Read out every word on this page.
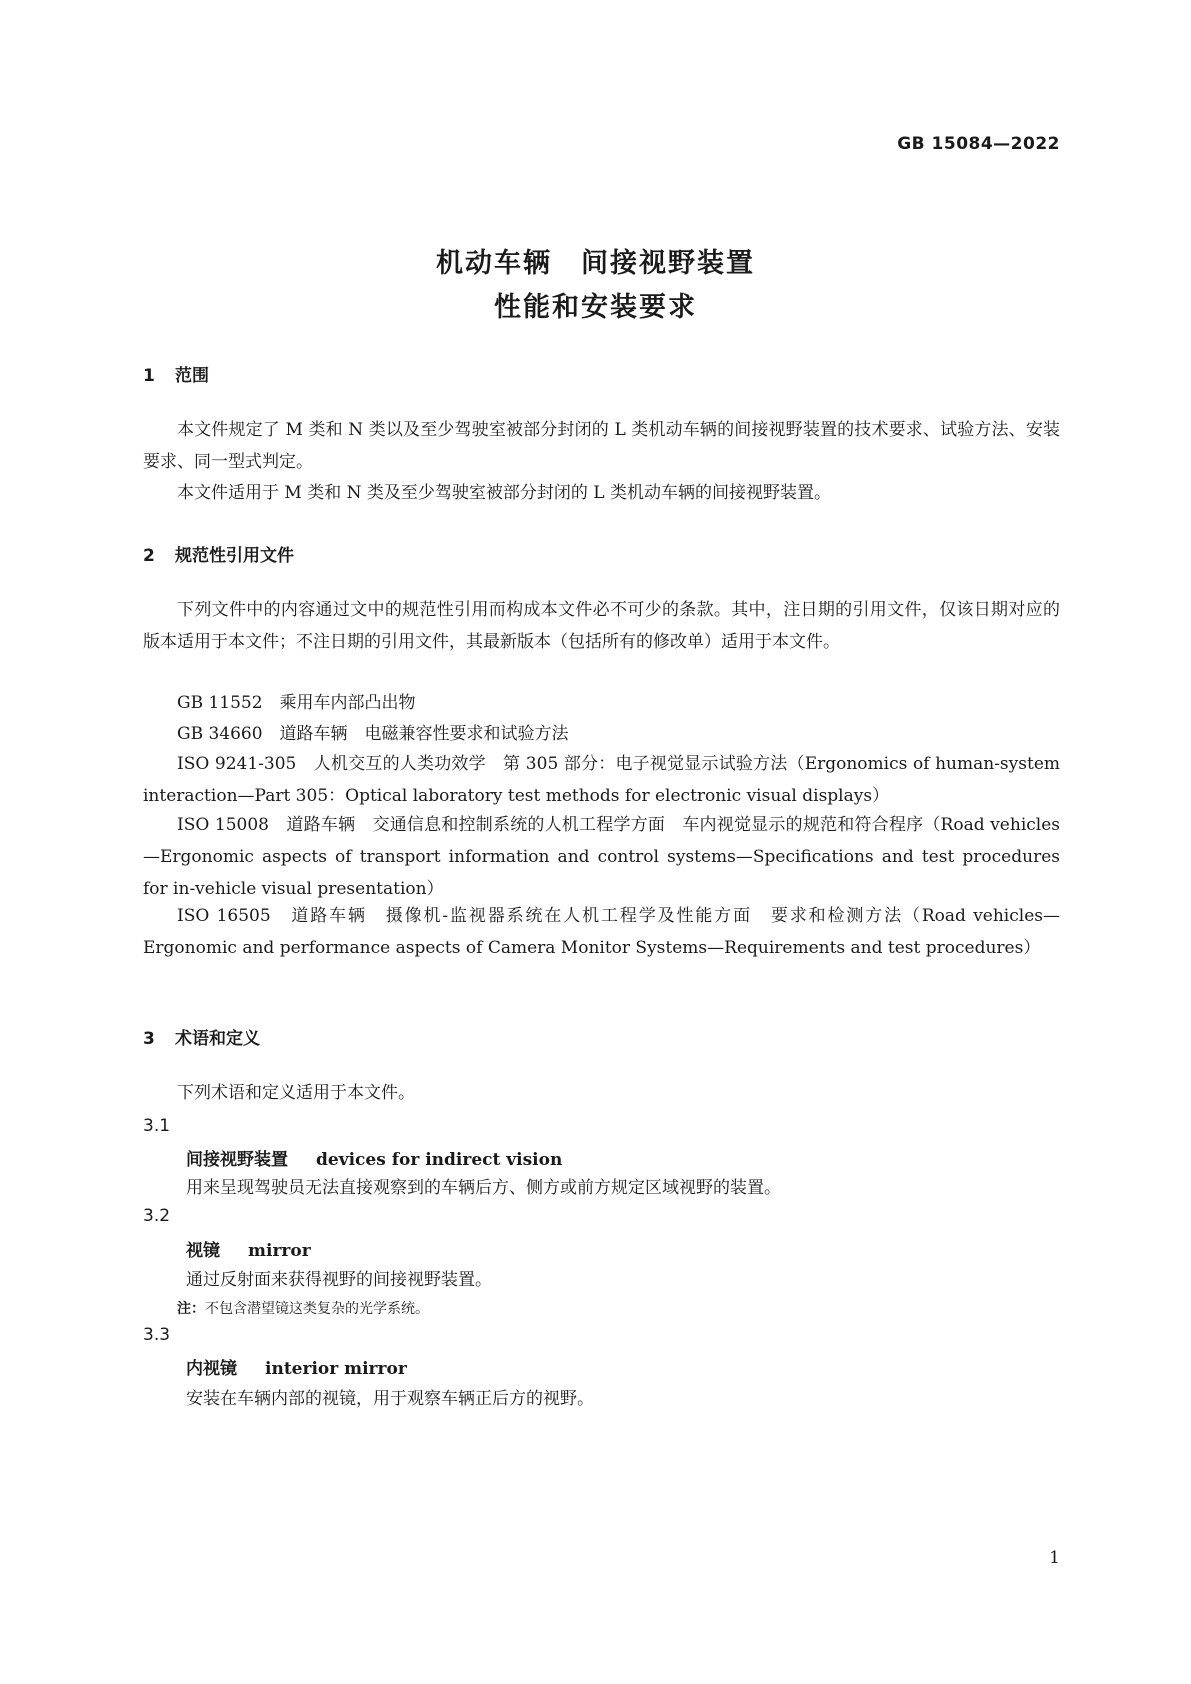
GB 15084—2022
机动车辆　间接视野装置
性能和安装要求
1 范围
本文件规定了 M 类和 N 类以及至少驾驶室被部分封闭的 L 类机动车辆的间接视野装置的技术要求、试验方法、安装要求、同一型式判定。
本文件适用于 M 类和 N 类及至少驾驶室被部分封闭的 L 类机动车辆的间接视野装置。
2 规范性引用文件
下列文件中的内容通过文中的规范性引用而构成本文件必不可少的条款。其中，注日期的引用文件，仅该日期对应的版本适用于本文件；不注日期的引用文件，其最新版本（包括所有的修改单）适用于本文件。
GB 11552　乘用车内部凸出物
GB 34660　道路车辆　电磁兼容性要求和试验方法
ISO 9241-305　人机交互的人类功效学　第 305 部分：电子视觉显示试验方法（Ergonomics of human-system interaction—Part 305：Optical laboratory test methods for electronic visual displays）
ISO 15008　道路车辆　交通信息和控制系统的人机工程学方面　车内视觉显示的规范和符合程序（Road vehicles—Ergonomic aspects of transport information and control systems—Specifications and test procedures for in-vehicle visual presentation）
ISO 16505　道路车辆　摄像机-监视器系统在人机工程学及性能方面　要求和检测方法（Road vehicles—Ergonomic and performance aspects of Camera Monitor Systems—Requirements and test procedures）
3 术语和定义
下列术语和定义适用于本文件。
3.1
间接视野装置 devices for indirect vision
用来呈现驾驶员无法直接观察到的车辆后方、侧方或前方规定区域视野的装置。
3.2
视镜 mirror
通过反射面来获得视野的间接视野装置。
注：不包含潜望镜这类复杂的光学系统。
3.3
内视镜 interior mirror
安装在车辆内部的视镜，用于观察车辆正后方的视野。
1
